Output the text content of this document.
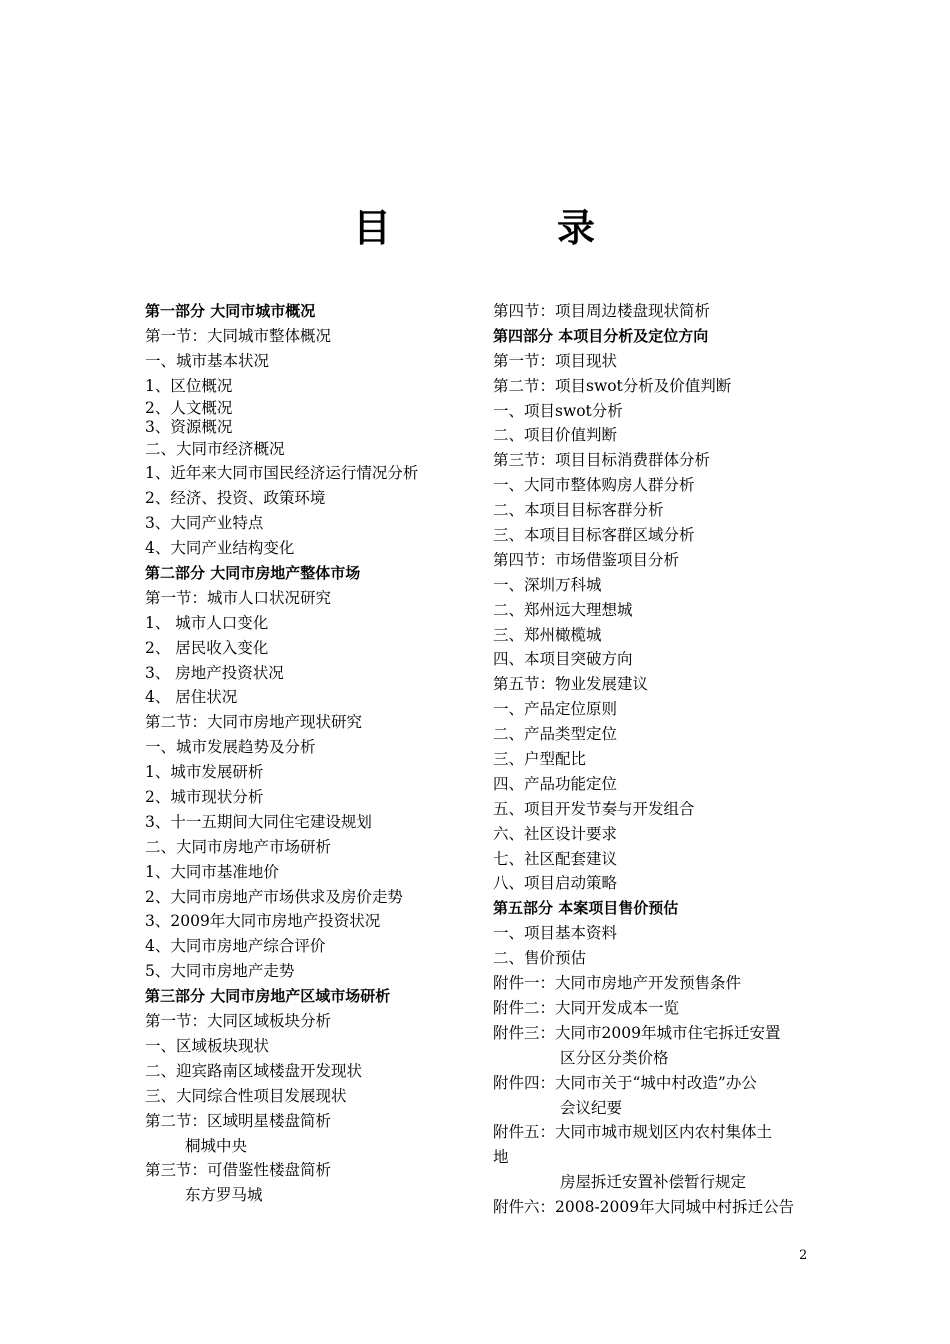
目	录
第一部分 大同市城市概况
第一节：大同城市整体概况
一、城市基本状况
1、区位概况
2、人文概况
3、资源概况
二、大同市经济概况
1、近年来大同市国民经济运行情况分析
2、经济、投资、政策环境
3、大同产业特点
4、大同产业结构变化
第二部分 大同市房地产整体市场
第一节：城市人口状况研究
1、 城市人口变化
2、 居民收入变化
3、 房地产投资状况
4、 居住状况
第二节：大同市房地产现状研究
一、城市发展趋势及分析
1、城市发展研析
2、城市现状分析
3、十一五期间大同住宅建设规划
二、大同市房地产市场研析
1、大同市基准地价
2、大同市房地产市场供求及房价走势
3、2009年大同市房地产投资状况
4、大同市房地产综合评价
5、大同市房地产走势
第三部分 大同市房地产区域市场研析
第一节：大同区域板块分析
一、区域板块现状
二、迎宾路南区域楼盘开发现状
三、大同综合性项目发展现状
第二节：区域明星楼盘简析
桐城中央
第三节：可借鉴性楼盘简析
东方罗马城
第四节：项目周边楼盘现状简析
第四部分 本项目分析及定位方向
第一节：项目现状
第二节：项目swot分析及价值判断
一、项目swot分析
二、项目价值判断
第三节：项目目标消费群体分析
一、大同市整体购房人群分析
二、本项目目标客群分析
三、本项目目标客群区域分析
第四节：市场借鉴项目分析
一、深圳万科城
二、郑州远大理想城
三、郑州橄榄城
四、本项目突破方向
第五节：物业发展建议
一、产品定位原则
二、产品类型定位
三、户型配比
四、产品功能定位
五、项目开发节奏与开发组合
六、社区设计要求
七、社区配套建议
八、项目启动策略
第五部分 本案项目售价预估
一、项目基本资料
二、售价预估
附件一：大同市房地产开发预售条件
附件二：大同开发成本一览
附件三：大同市2009年城市住宅拆迁安置
区分区分类价格
附件四：大同市关于“城中村改造”办公
会议纪要
附件五：大同市城市规划区内农村集体土
地
房屋拆迁安置补偿暂行规定
附件六：2008-2009年大同城中村拆迁公告
2
